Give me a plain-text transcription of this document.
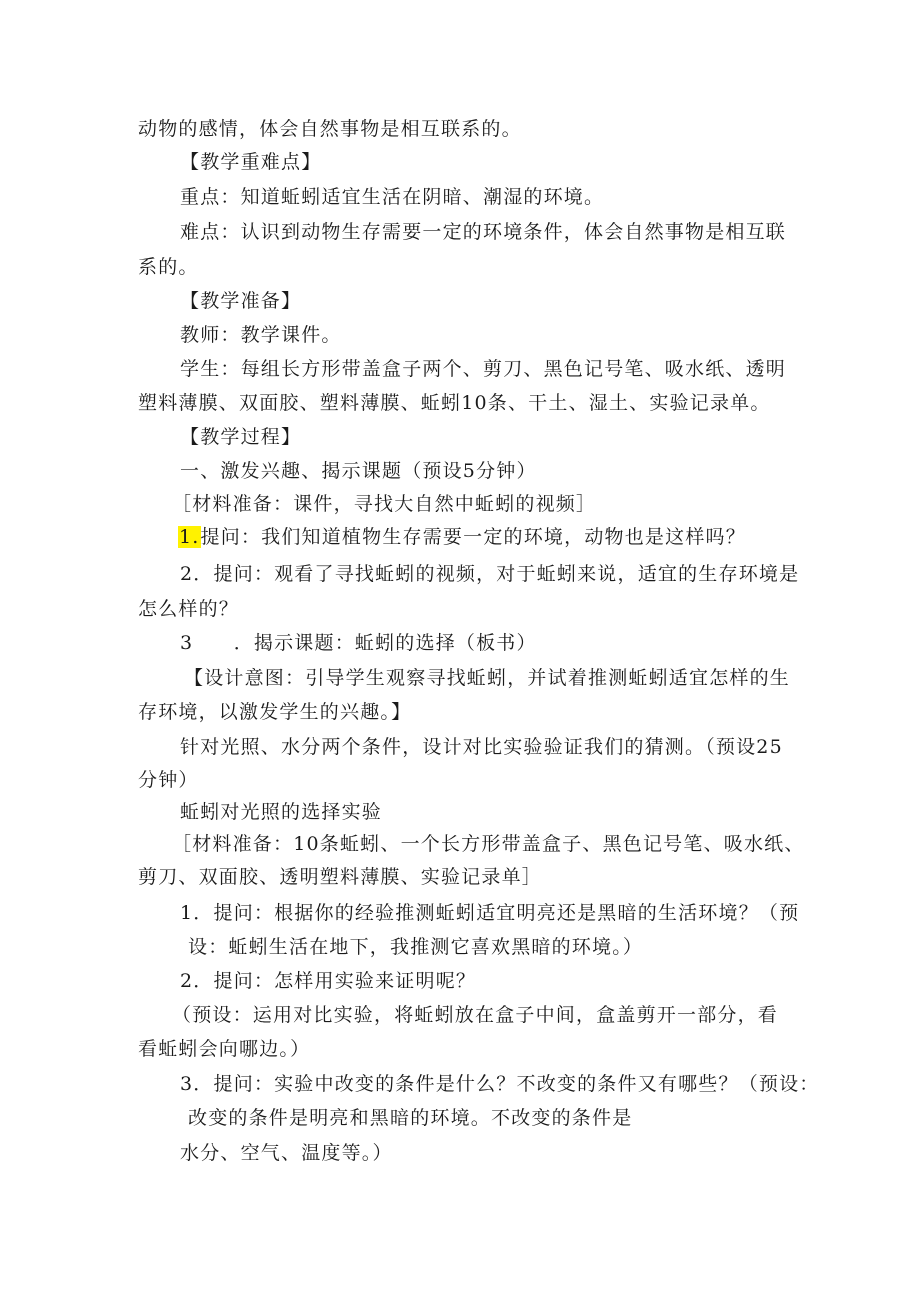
动物的感情，体会自然事物是相互联系的。
【教学重难点】
重点：知道蚯蚓适宜生活在阴暗、潮湿的环境。
难点：认识到动物生存需要一定的环境条件，体会自然事物是相互联
系的。
【教学准备】
教师：教学课件。
学生：每组长方形带盖盒子两个、剪刀、黑色记号笔、吸水纸、透明
塑料薄膜、双面胶、塑料薄膜、蚯蚓10条、干土、湿土、实验记录单。
【教学过程】
一、激发兴趣、揭示课题（预设5分钟）
［材料准备：课件，寻找大自然中蚯蚓的视频］
1.提问：我们知道植物生存需要一定的环境，动物也是这样吗？
2．提问：观看了寻找蚯蚓的视频，对于蚯蚓来说，适宜的生存环境是
怎么样的？
3　　．揭示课题：蚯蚓的选择（板书）
【设计意图：引导学生观察寻找蚯蚓，并试着推测蚯蚓适宜怎样的生
存环境，以激发学生的兴趣。】
针对光照、水分两个条件，设计对比实验验证我们的猜测。（预设25
分钟）
蚯蚓对光照的选择实验
［材料准备：10条蚯蚓、一个长方形带盖盒子、黑色记号笔、吸水纸、
剪刀、双面胶、透明塑料薄膜、实验记录单］
1．提问：根据你的经验推测蚯蚓适宜明亮还是黑暗的生活环境？（预
设：蚯蚓生活在地下，我推测它喜欢黑暗的环境。）
2．提问：怎样用实验来证明呢？
（预设：运用对比实验，将蚯蚓放在盒子中间，盒盖剪开一部分，看
看蚯蚓会向哪边。）
3．提问：实验中改变的条件是什么？不改变的条件又有哪些？（预设：
改变的条件是明亮和黑暗的环境。不改变的条件是
水分、空气、温度等。）
